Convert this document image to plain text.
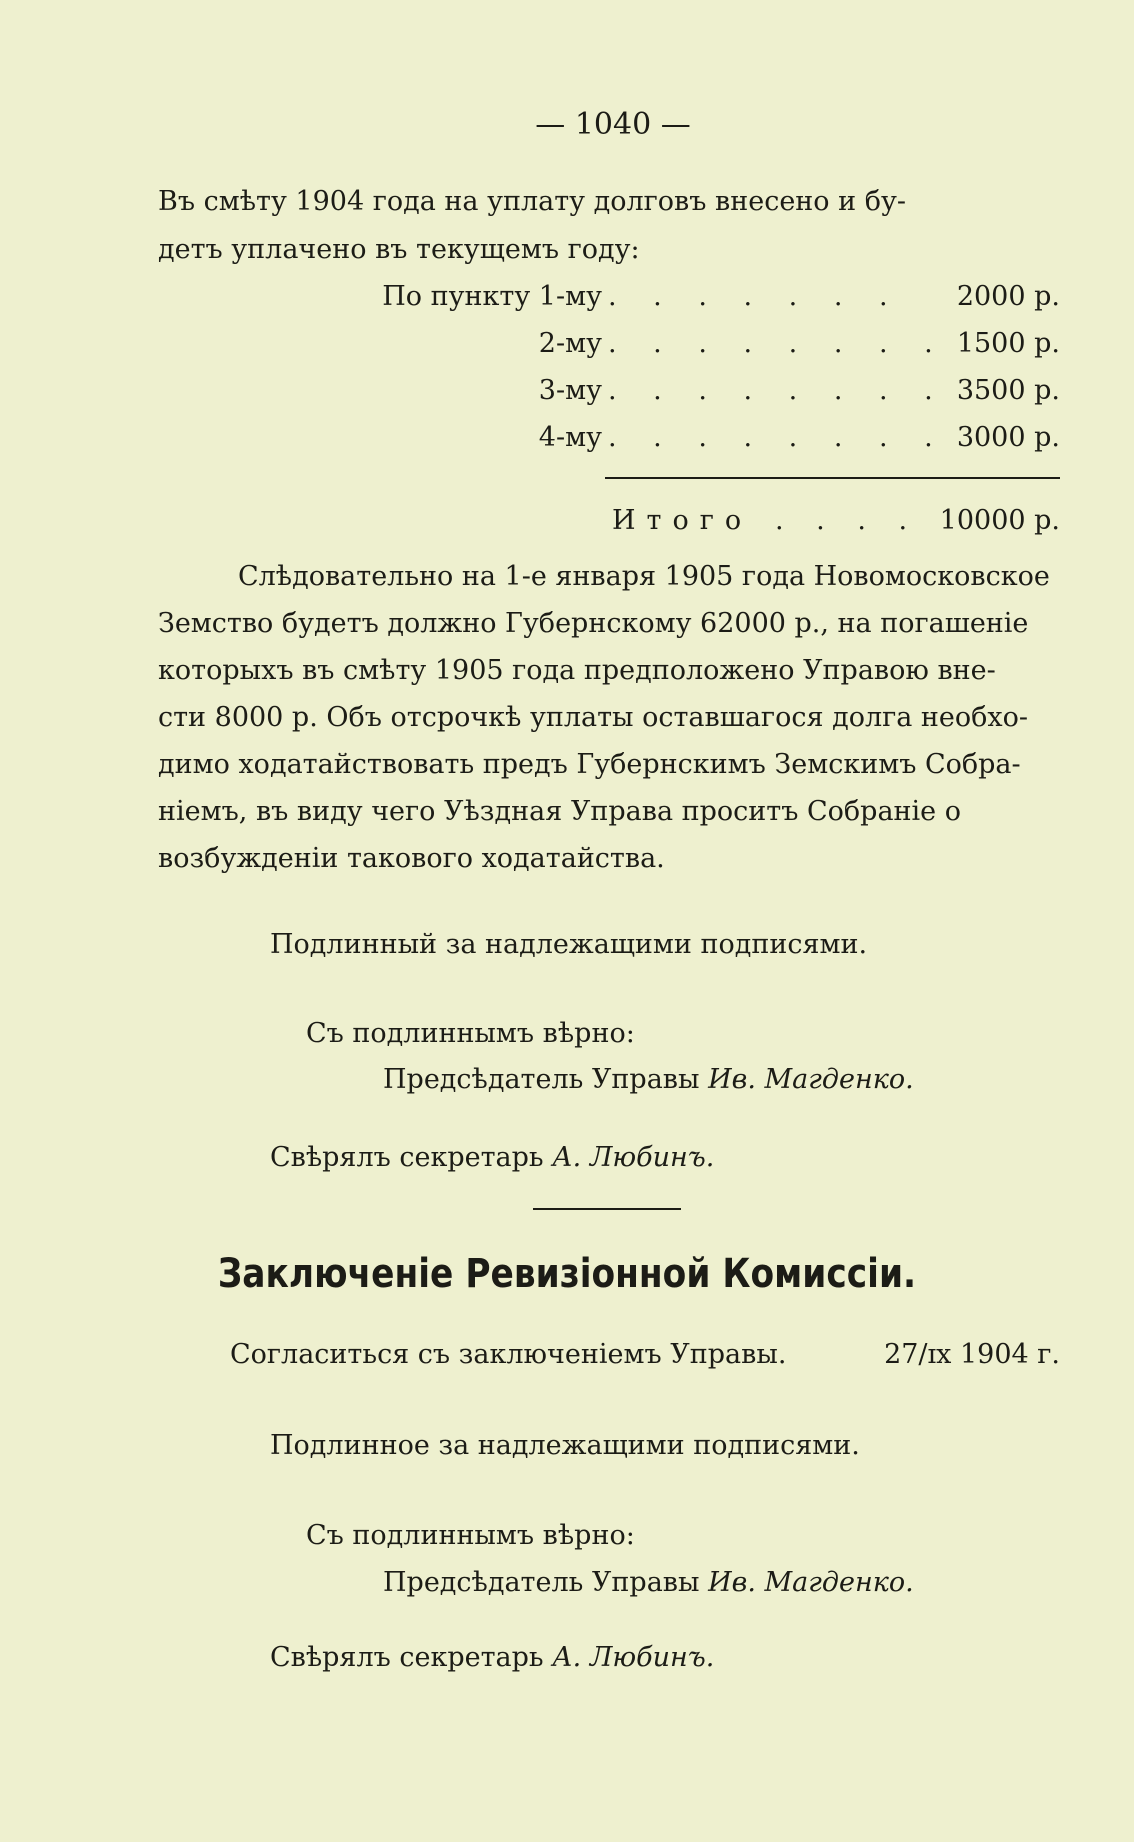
— 1040 —
Въ смѣту 1904 года на уплату долговъ внесено и бу-
детъ уплачено въ текущемъ году:
По пункту 1-му . . . . . . .	2000 р.
2-му . . . . . . . . 1500 р.
3-му . . . . . . . . 3500 р.
4-му . . . . . . . . 3000 р.
Итого . . . . 10000 р.
Слѣдовательно на 1-е января 1905 года Новомосковское
Земство будетъ должно Губернскому 62000 р., на погашеніе
которыхъ въ смѣту 1905 года предположено Управою вне-
сти 8000 р. Объ отсрочкѣ уплаты оставшагося долга необхо-
димо ходатайствовать предъ Губернскимъ Земскимъ Собра-
ніемъ, въ виду чего Уѣздная Управа проситъ Собраніе о
возбужденіи такового ходатайства.
Подлинный за надлежащими подписями.
Съ подлиннымъ вѣрно:
Предсѣдатель Управы Ив. Магденко.
Свѣрялъ секретарь А. Любинъ.
Заключеніе Ревизіонной Комиссіи.
Согласиться съ заключеніемъ Управы.	27/ɪх 1904 г.
Подлинное за надлежащими подписями.
Съ подлиннымъ вѣрно:
Предсѣдатель Управы Ив. Магденко.
Свѣрялъ секретарь А. Любинъ.
